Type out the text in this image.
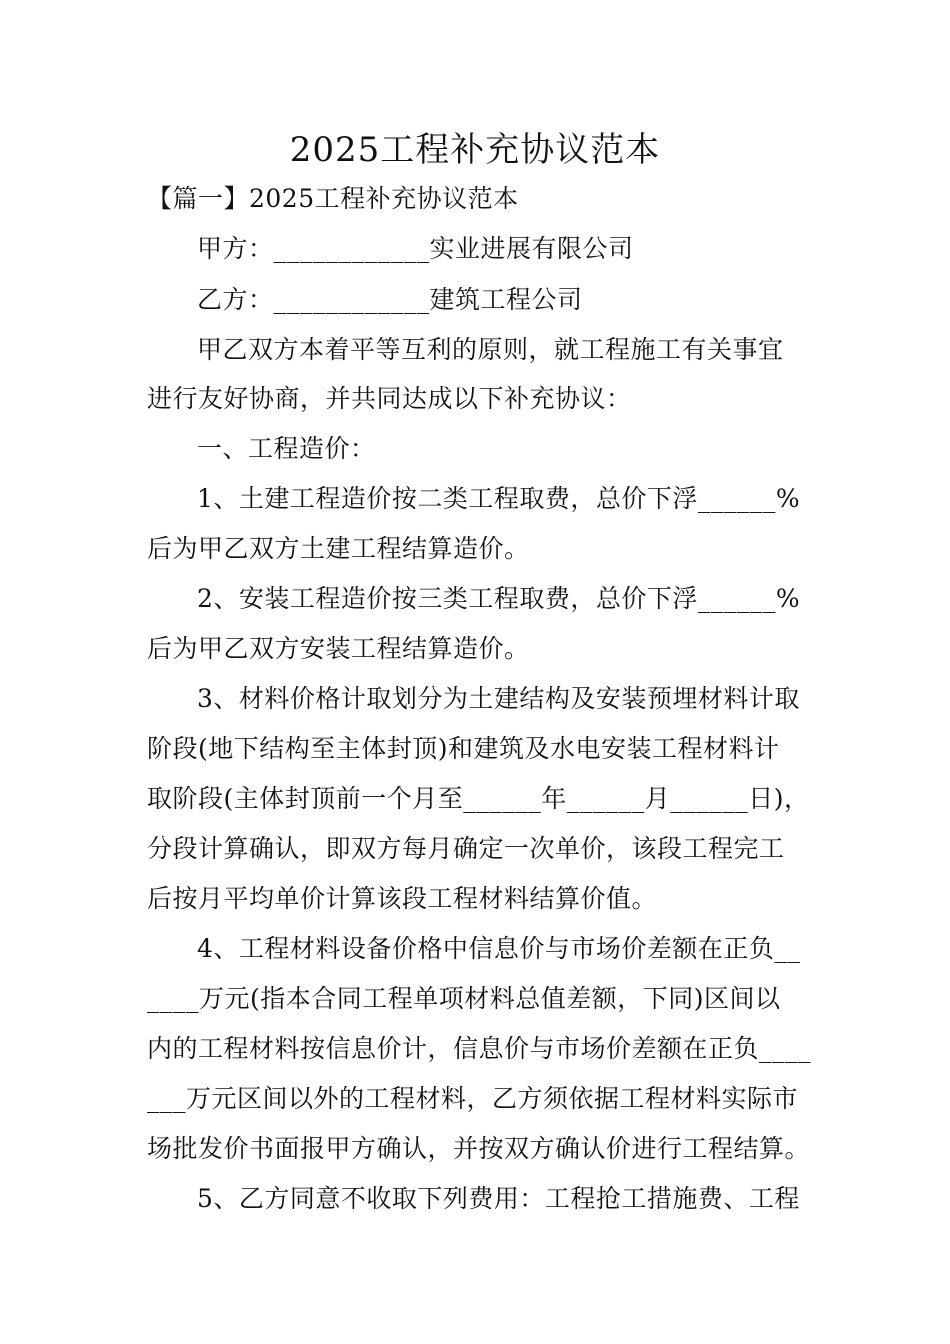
2025工程补充协议范本
【篇一】2025工程补充协议范本
甲方：____________实业进展有限公司
乙方：____________建筑工程公司
甲乙双方本着平等互利的原则，就工程施工有关事宜
进行友好协商，并共同达成以下补充协议：
一、工程造价：
1、土建工程造价按二类工程取费，总价下浮______%
后为甲乙双方土建工程结算造价。
2、安装工程造价按三类工程取费，总价下浮______%
后为甲乙双方安装工程结算造价。
3、材料价格计取划分为土建结构及安装预埋材料计取
阶段(地下结构至主体封顶)和建筑及水电安装工程材料计
取阶段(主体封顶前一个月至______年______月______日)，
分段计算确认，即双方每月确定一次单价，该段工程完工
后按月平均单价计算该段工程材料结算价值。
4、工程材料设备价格中信息价与市场价差额在正负__
____万元(指本合同工程单项材料总值差额，下同)区间以
内的工程材料按信息价计，信息价与市场价差额在正负____
___万元区间以外的工程材料，乙方须依据工程材料实际市
场批发价书面报甲方确认，并按双方确认价进行工程结算。
5、乙方同意不收取下列费用：工程抢工措施费、工程
